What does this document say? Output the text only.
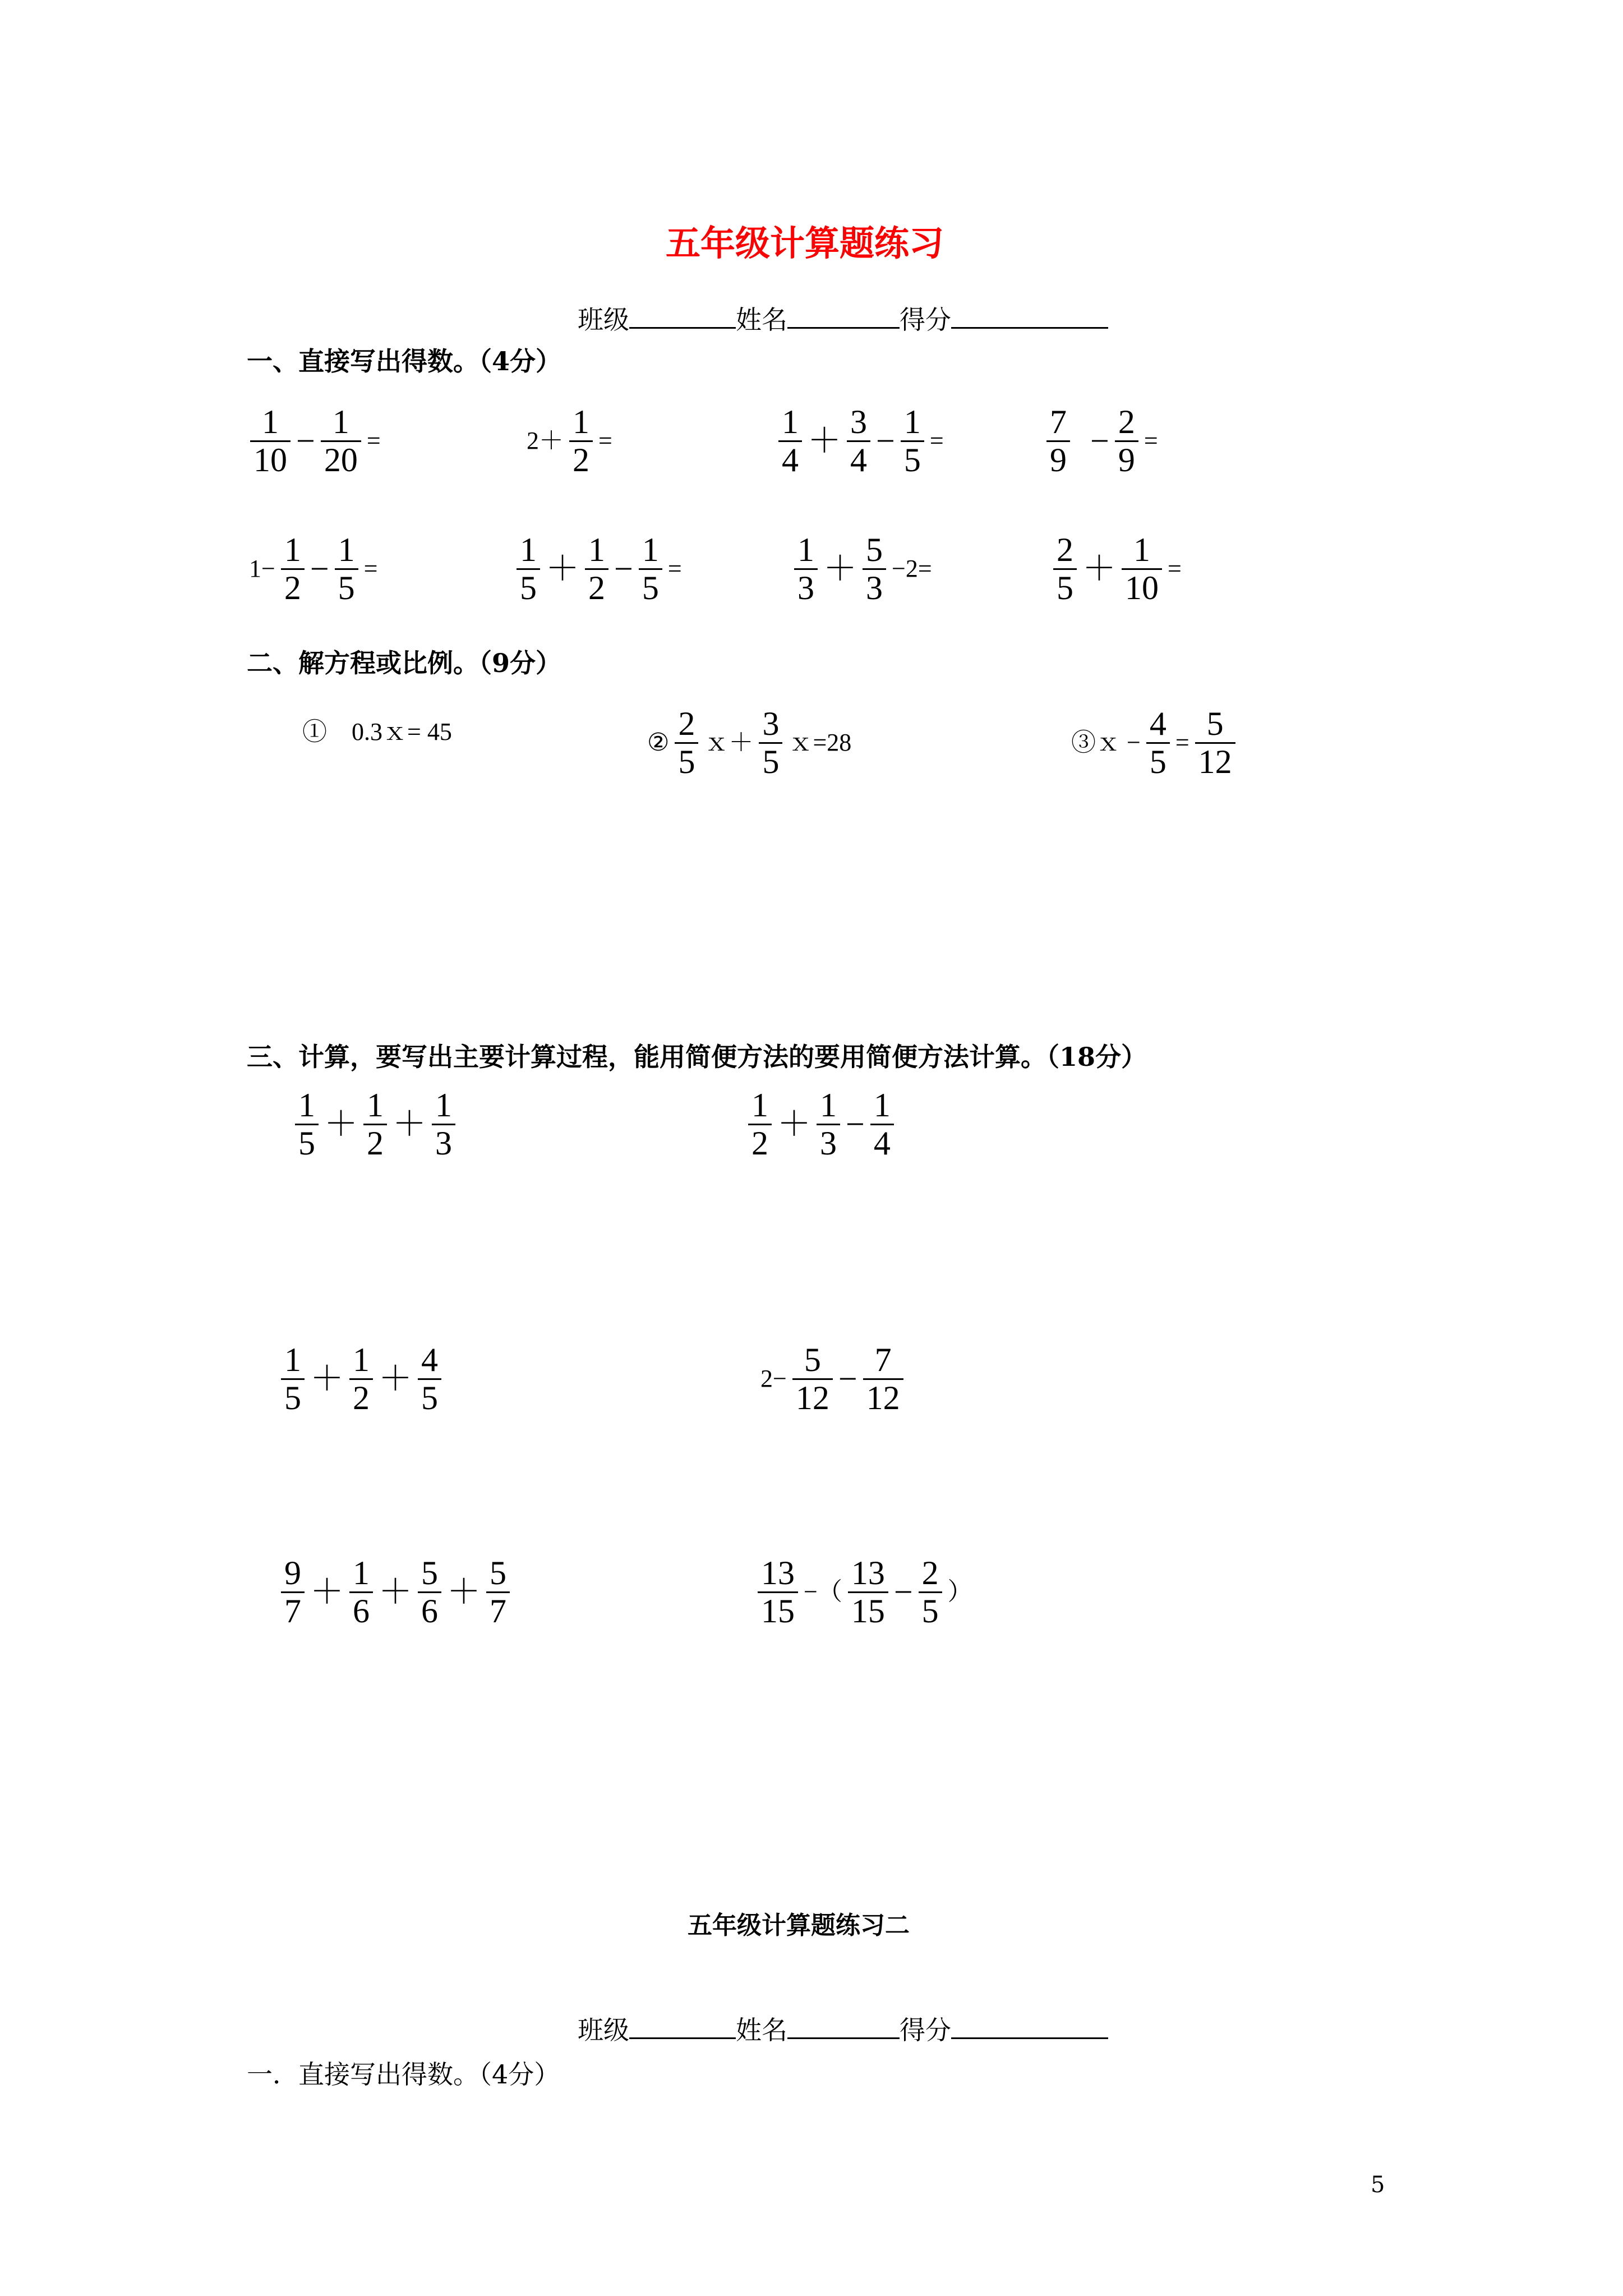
五年级计算题练习
班级	姓名	得分
一、直接写出得数。（4分）
$\frac{1}{10} - \frac{1}{20}$ =	$2+ \frac{1}{2}$ =	$\frac{1}{4} + \frac{3}{4} - \frac{1}{5}$ =	$\frac{7}{9} - \frac{2}{9}$ =
$1- \frac{1}{2} - \frac{1}{5}$ =	$\frac{1}{5} + \frac{1}{2} - \frac{1}{5}$ =	$\frac{1}{3} + \frac{5}{3} -2=$	$\frac{2}{5} + \frac{1}{10}$ =
二、解方程或比例。（9分）
①　0.3ｘ= 45	② $\frac{2}{5}$ ｘ＋ $\frac{3}{5}$ ｘ=28	③ｘ − $\frac{4}{5} = \frac{5}{12}$
三、计算，要写出主要计算过程，能用简便方法的要用简便方法计算。（18分）
$\frac{1}{5} + \frac{1}{2} + \frac{1}{3}$	$\frac{1}{2} + \frac{1}{3} - \frac{1}{4}$
$\frac{1}{5} + \frac{1}{2} + \frac{4}{5}$	$2- \frac{5}{12} - \frac{7}{12}$
$\frac{9}{7} + \frac{1}{6} + \frac{5}{6} + \frac{5}{7}$	$\frac{13}{15}$ −（ $\frac{13}{15} - \frac{2}{5}$ ）
五年级计算题练习二
班级	姓名	得分
一．直接写出得数。（4分）
5
